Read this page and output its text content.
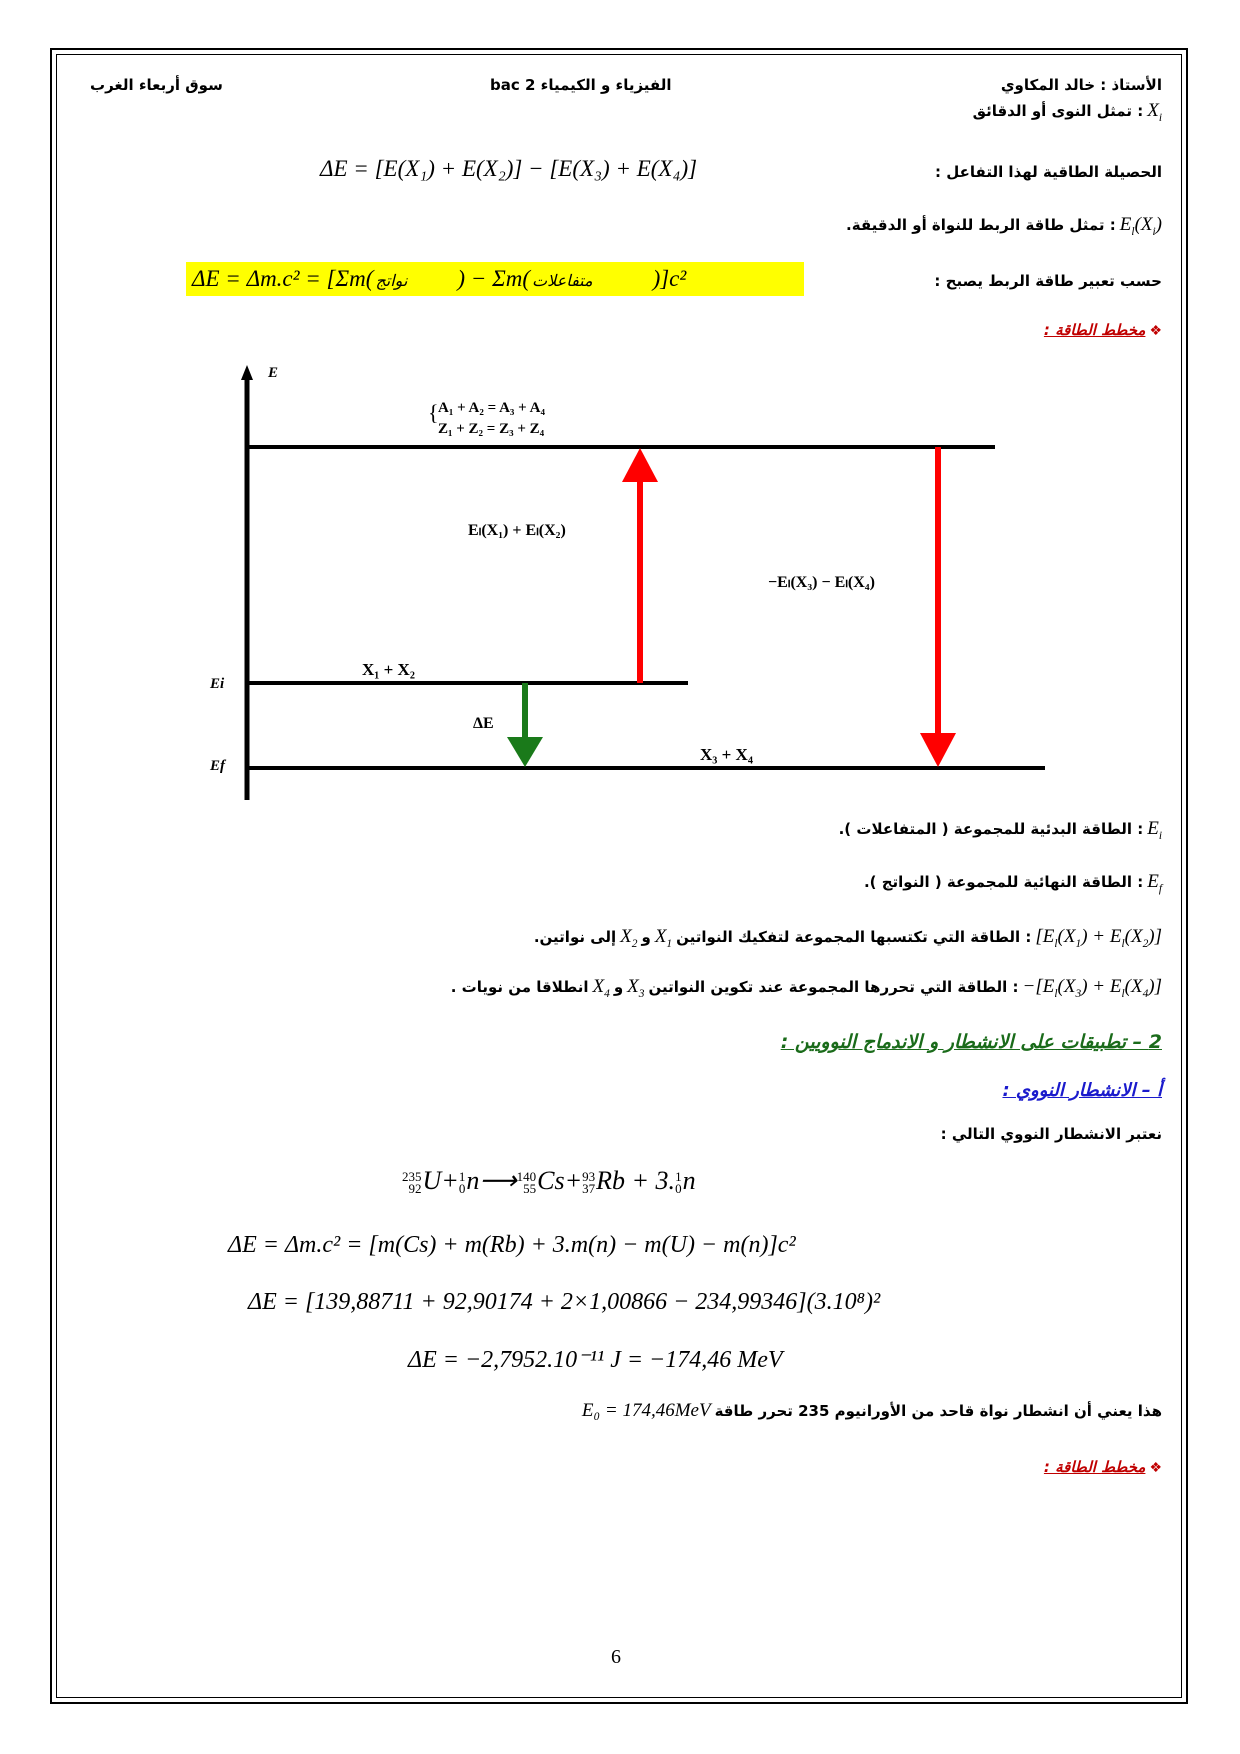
سوق أربعاء الغرب	الفيزياء و الكيمياء 2 bac	الأستاذ : خالد المكاوي
$X_i$ : تمثل النوى أو الدقائق
الحصيلة الطاقية لهذا التفاعل :
ΔE = [E(X₁) + E(X₂)] − [E(X₃) + E(X₄)]
$E_l(X_i)$ : تمثل طاقة الربط للنواة أو الدقيقة.
حسب تعبير طاقة الربط يصبح :
ΔE = Δm.c² = [Σm( نواتج ) − Σm( متفاعلات	)]c²
❖ مخطط الطاقة :
E
{ A₁ + A₂ = A₃ + A₄
Z₁ + Z₂ = Z₃ + Z₄
Ei
Ef
X₁ + X₂
X₃ + X₄
Eₗ(X₁) + Eₗ(X₂)
−Eₗ(X₃) − Eₗ(X₄)
ΔE
$E_i$ : الطاقة البدئية للمجموعة ( المتفاعلات ).
$E_f$ : الطاقة النهائية للمجموعة ( النواتج ).
$[E_l(X_1) + E_l(X_2)]$ : الطاقة التي تكتسبها المجموعة لتفكيك النواتين $X_1$ و $X_2$ إلى نواتين.
$-[E_l(X_3) + E_l(X_4)]$ : الطاقة التي تحررها المجموعة عند تكوين النواتين $X_3$ و $X_4$ انطلاقا من نويات .
2 – تطبيقات على الانشطار و الاندماج النوويين :
أ – الانشطار النووي :
نعتبر الانشطار النووي التالي :
235
92U+1
0n⟶140
55Cs+93
37Rb + 3.1
0n
ΔE = Δm.c² = [m(Cs) + m(Rb) + 3.m(n) − m(U) − m(n)]c²
ΔE = [139,88711 + 92,90174 + 2×1,00866 − 234,99346](3.10⁸)²
ΔE = −2,7952.10⁻¹¹ J = −174,46 MeV
هذا يعني أن انشطار نواة قاحد من الأورانيوم 235 تحرر طاقة E₀ = 174,46MeV
❖ مخطط الطاقة :
6
